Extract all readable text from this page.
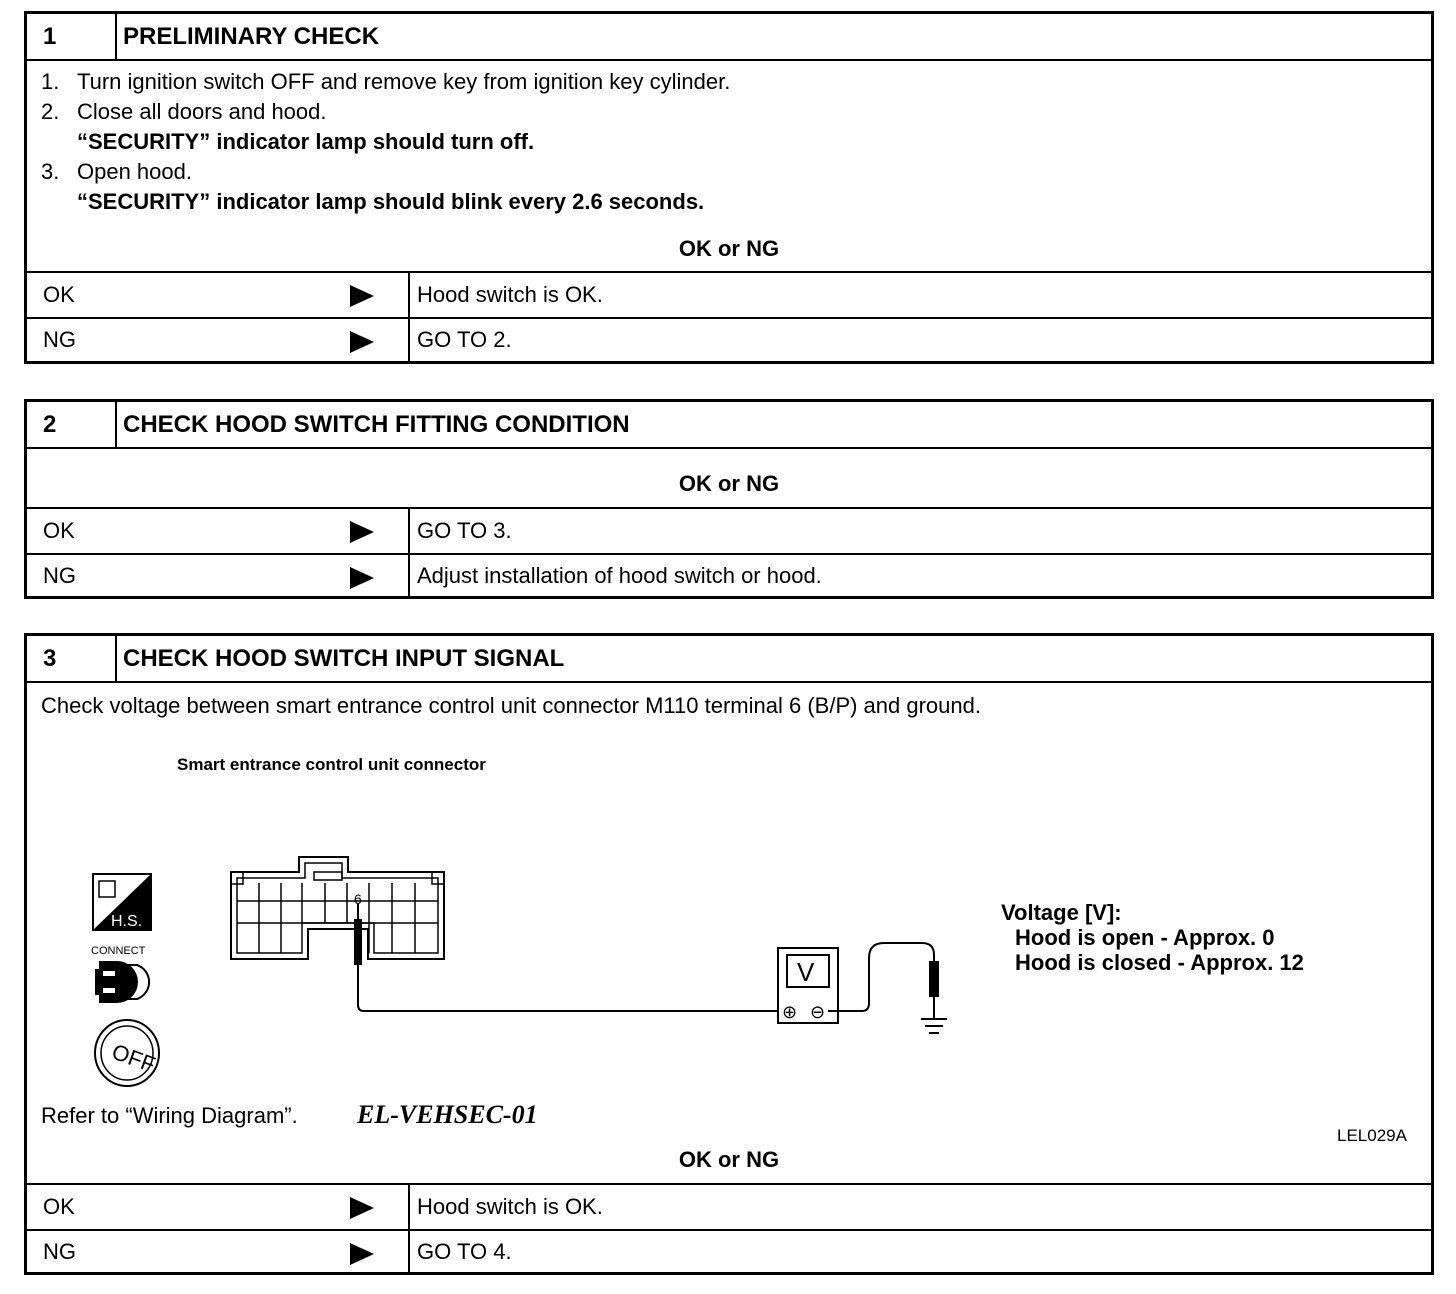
1	PRELIMINARY CHECK
1. Turn ignition switch OFF and remove key from ignition key cylinder.
2. Close all doors and hood.
“SECURITY” indicator lamp should turn off.
3. Open hood.
“SECURITY” indicator lamp should blink every 2.6 seconds.
OK or NG
OK	Hood switch is OK.
NG	GO TO 2.
2	CHECK HOOD SWITCH FITTING CONDITION
OK or NG
OK	GO TO 3.
NG	Adjust installation of hood switch or hood.
3	CHECK HOOD SWITCH INPUT SIGNAL
Check voltage between smart entrance control unit connector M110 terminal 6 (B/P) and ground.
Smart entrance control unit connector
H.S.
CONNECT
OFF
6
V
⊕ ⊖
Voltage [V]:
Hood is open - Approx. 0
Hood is closed - Approx. 12
LEL029A
Refer to “Wiring Diagram”. EL-VEHSEC-01
OK or NG
OK	Hood switch is OK.
NG	GO TO 4.
